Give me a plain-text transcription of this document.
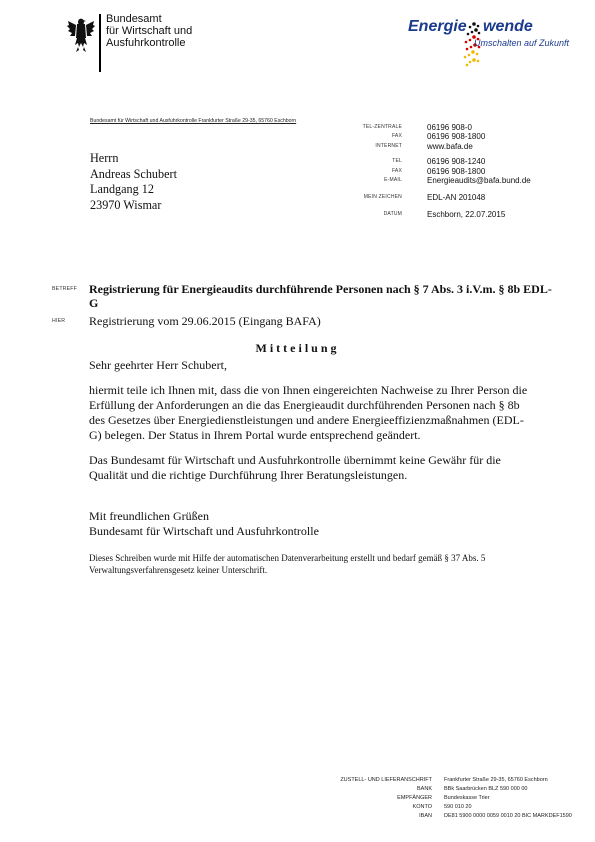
Bundesamt
für Wirtschaft und
Ausfuhrkontrolle
Energie wende
Umschalten auf Zukunft
Bundesamt für Wirtschaft und Ausfuhrkontrolle Frankfurter Straße 29-35, 65760 Eschborn
TEL-ZENTRALE	06196 908-0
FAX	06196 908-1800
INTERNET	www.bafa.de
TEL	06196 908-1240
FAX	06196 908-1800
E-MAIL	Energieaudits@bafa.bund.de
MEIN ZEICHEN	EDL-AN 201048
DATUM	Eschborn, 22.07.2015
Herrn
Andreas Schubert
Landgang 12
23970 Wismar
BETREFF Registrierung für Energieaudits durchführende Personen nach § 7 Abs. 3 i.V.m. § 8b EDL-G
HIER Registrierung vom 29.06.2015 (Eingang BAFA)
Mitteilung
Sehr geehrter Herr Schubert,
hiermit teile ich Ihnen mit, dass die von Ihnen eingereichten Nachweise zu Ihrer Person die Erfüllung der Anforderungen an die das Energieaudit durchführenden Personen nach § 8b des Gesetzes über Energiedienstleistungen und andere Energieeffizienzmaßnahmen (EDL-G) belegen. Der Status in Ihrem Portal wurde entsprechend geändert.
Das Bundesamt für Wirtschaft und Ausfuhrkontrolle übernimmt keine Gewähr für die Qualität und die richtige Durchführung Ihrer Beratungsleistungen.
Mit freundlichen Grüßen
Bundesamt für Wirtschaft und Ausfuhrkontrolle
Dieses Schreiben wurde mit Hilfe der automatischen Datenverarbeitung erstellt und bedarf gemäß § 37 Abs. 5 Verwaltungsverfahrensgesetz keiner Unterschrift.
ZUSTELL- UND LIEFERANSCHRIFT Frankfurter Straße 29-35, 65760 Eschborn
BANK BBk Saarbrücken BLZ 590 000 00
EMPFÄNGER Bundeskasse Trier
KONTO 590 010 20
IBAN DE81 5900 0000 0059 0010 20 BIC MARKDEF1590
